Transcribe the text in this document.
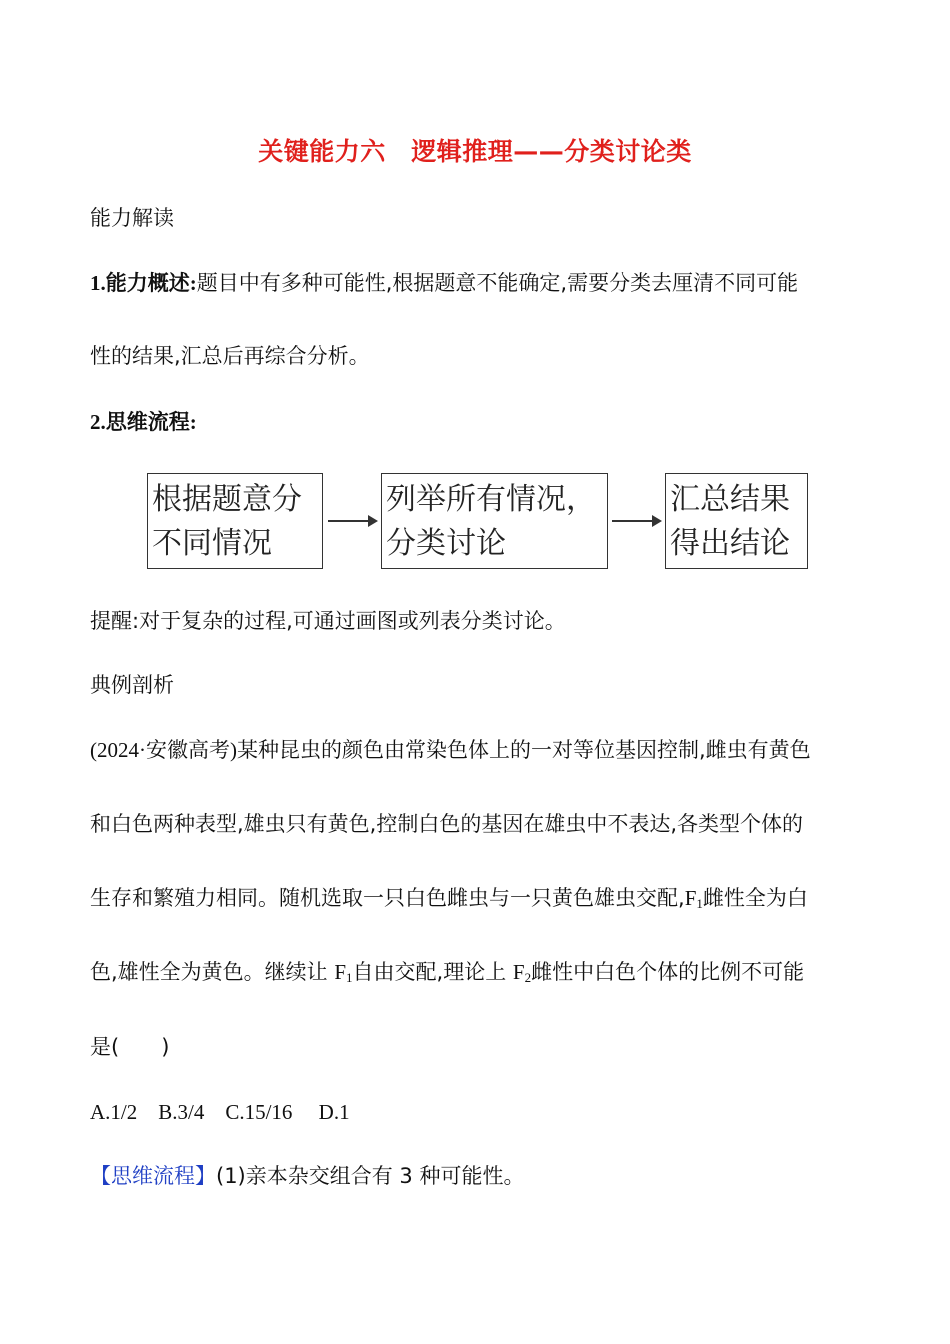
关键能力六　逻辑推理——分类讨论类
能力解读
1.能力概述:题目中有多种可能性,根据题意不能确定,需要分类去厘清不同可能
性的结果,汇总后再综合分析。
2.思维流程:
根据题意分
不同情况
列举所有情况，
分类讨论
汇总结果
得出结论
提醒:对于复杂的过程,可通过画图或列表分类讨论。
典例剖析
(2024·安徽高考)某种昆虫的颜色由常染色体上的一对等位基因控制,雌虫有黄色
和白色两种表型,雄虫只有黄色,控制白色的基因在雄虫中不表达,各类型个体的
生存和繁殖力相同。随机选取一只白色雌虫与一只黄色雄虫交配$,F_1$雌性全为白
色,雄性全为黄色。继续让 $F_1$自由交配,理论上 $F_2$雌性中白色个体的比例不可能
是(　　)
A.1/2　B.3/4　C.15/16　 D.1
【思维流程】(1)亲本杂交组合有 3 种可能性。
